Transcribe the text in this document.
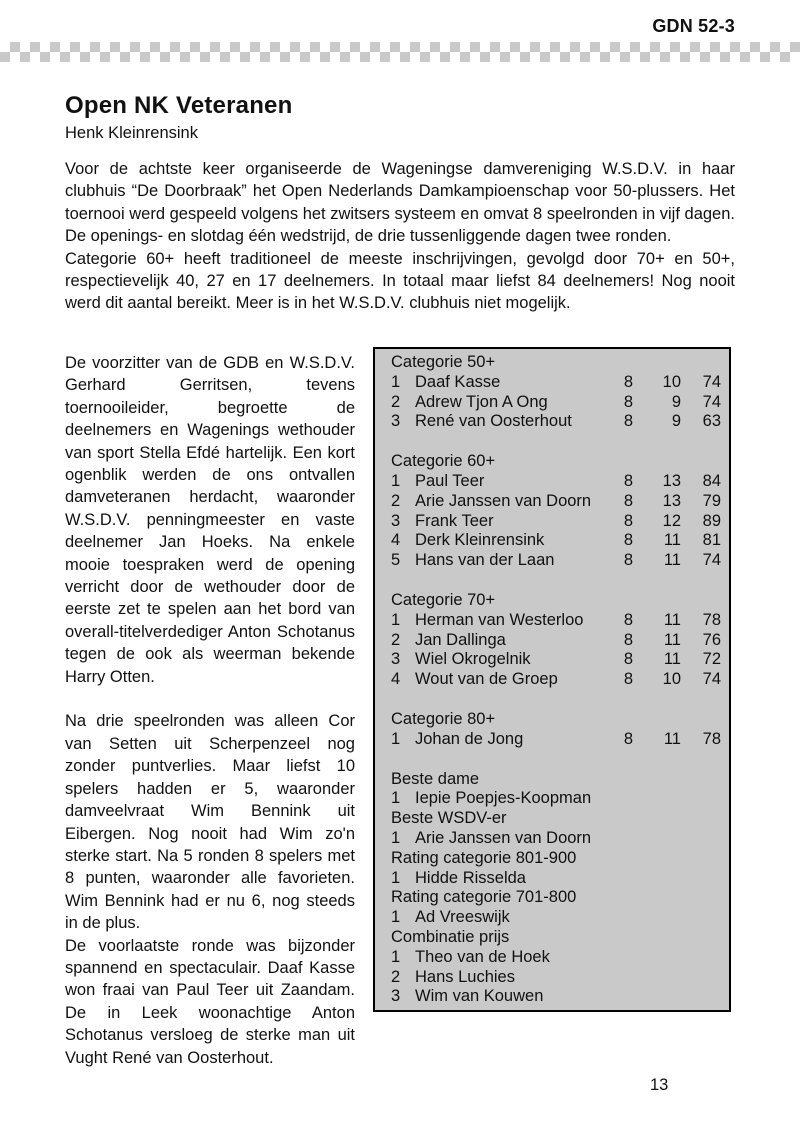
GDN 52-3
Open NK Veteranen
Henk Kleinrensink

Voor de achtste keer organiseerde de Wageningse damvereniging W.S.D.V. in haar clubhuis “De Doorbraak” het Open Nederlands Damkampioenschap voor 50-plussers. Het toernooi werd gespeeld volgens het zwitsers systeem en omvat 8 speelronden in vijf dagen. De openings- en slotdag één wedstrijd, de drie tussenliggende dagen twee ronden.

Categorie 60+ heeft traditioneel de meeste inschrijvingen, gevolgd door 70+ en 50+, respectievelijk 40, 27 en 17 deelnemers. In totaal maar liefst 84 deelnemers! Nog nooit werd dit aantal bereikt. Meer is in het W.S.D.V. clubhuis niet mogelijk.

De voorzitter van de GDB en W.S.D.V. Gerhard Gerritsen, tevens toernooileider, begroette de deelnemers en Wagenings wethouder van sport Stella Efdé hartelijk. Een kort ogenblik werden de ons ontvallen damveteranen herdacht, waaronder W.S.D.V. penningmeester en vaste deelnemer Jan Hoeks. Na enkele mooie toespraken werd de opening verricht door de wethouder door de eerste zet te spelen aan het bord van overall-titelverdediger Anton Schotanus tegen de ook als weerman bekende Harry Otten.

Na drie speelronden was alleen Cor van Setten uit Scherpenzeel nog zonder puntverlies. Maar liefst 10 spelers hadden er 5, waaronder damveelvraat Wim Bennink uit Eibergen. Nog nooit had Wim zo'n sterke start. Na 5 ronden 8 spelers met 8 punten, waaronder alle favorieten. Wim Bennink had er nu 6, nog steeds in de plus.

De voorlaatste ronde was bijzonder spannend en spectaculair. Daaf Kasse won fraai van Paul Teer uit Zaandam. De in Leek woonachtige Anton Schotanus versloeg de sterke man uit Vught René van Oosterhout.

Categorie 50+
1 Daaf Kasse	8	10	74
2 Adrew Tjon A Ong	8	9	74
3 René van Oosterhout	8	9	63
Categorie 60+
1 Paul Teer	8	13	84
2 Arie Janssen van Doorn	8	13	79
3 Frank Teer	8	12	89
4 Derk Kleinrensink	8	11	81
5 Hans van der Laan	8	11	74
Categorie 70+
1 Herman van Westerloo	8	11	78
2 Jan Dallinga	8	11	76
3 Wiel Okrogelnik	8	11	72
4 Wout van de Groep	8	10	74
Categorie 80+
1 Johan de Jong	8	11	78
Beste dame
1 Iepie Poepjes-Koopman
Beste WSDV-er
1 Arie Janssen van Doorn
Rating categorie 801-900
1 Hidde Risselda
Rating categorie 701-800
1 Ad Vreeswijk
Combinatie prijs
1 Theo van de Hoek
2 Hans Luchies
3 Wim van Kouwen
13
